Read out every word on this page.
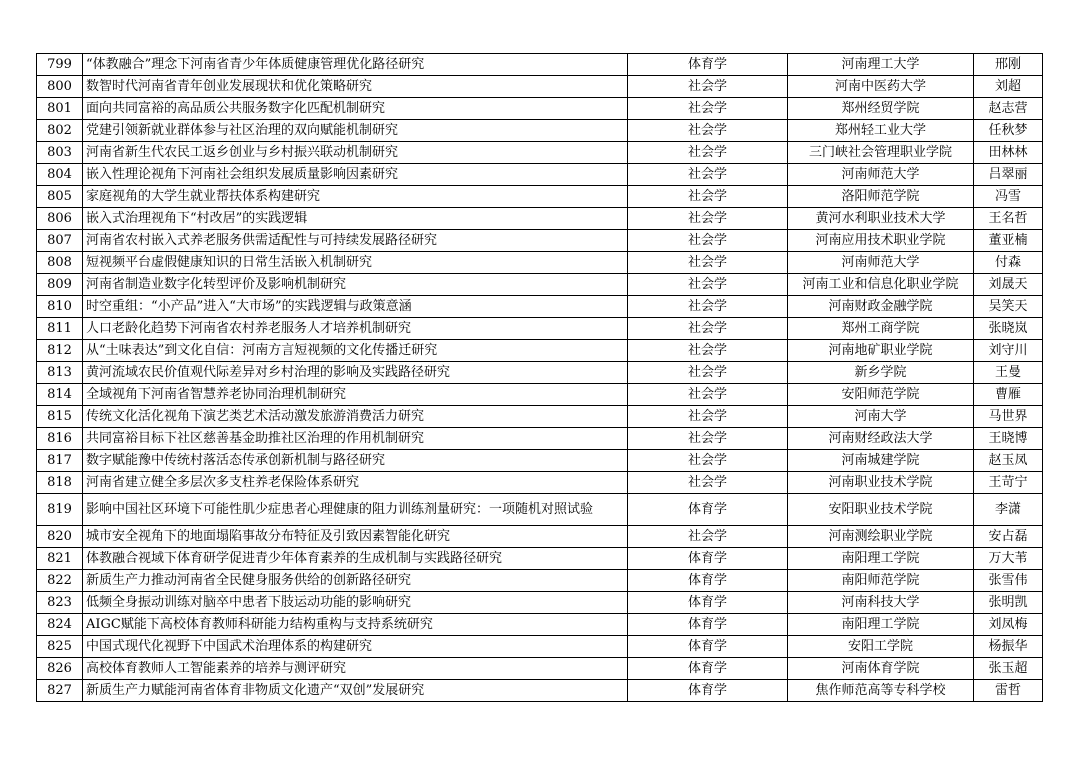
799	“体教融合”理念下河南省青少年体质健康管理优化路径研究	体育学	河南理工大学	邢刚
800	数智时代河南省青年创业发展现状和优化策略研究	社会学	河南中医药大学	刘超
801	面向共同富裕的高品质公共服务数字化匹配机制研究	社会学	郑州经贸学院	赵志营
802	党建引领新就业群体参与社区治理的双向赋能机制研究	社会学	郑州轻工业大学	任秋梦
803	河南省新生代农民工返乡创业与乡村振兴联动机制研究	社会学	三门峡社会管理职业学院	田林林
804	嵌入性理论视角下河南社会组织发展质量影响因素研究	社会学	河南师范大学	吕翠丽
805	家庭视角的大学生就业帮扶体系构建研究	社会学	洛阳师范学院	冯雪
806	嵌入式治理视角下“村改居”的实践逻辑	社会学	黄河水利职业技术大学	王名哲
807	河南省农村嵌入式养老服务供需适配性与可持续发展路径研究	社会学	河南应用技术职业学院	董亚楠
808	短视频平台虚假健康知识的日常生活嵌入机制研究	社会学	河南师范大学	付森
809	河南省制造业数字化转型评价及影响机制研究	社会学	河南工业和信息化职业学院	刘晟天
810	时空重组：“小产品”进入“大市场”的实践逻辑与政策意涵	社会学	河南财政金融学院	吴笑天
811	人口老龄化趋势下河南省农村养老服务人才培养机制研究	社会学	郑州工商学院	张晓岚
812	从“土味表达”到文化自信：河南方言短视频的文化传播迁研究	社会学	河南地矿职业学院	刘守川
813	黄河流域农民价值观代际差异对乡村治理的影响及实践路径研究	社会学	新乡学院	王曼
814	全域视角下河南省智慧养老协同治理机制研究	社会学	安阳师范学院	曹雁
815	传统文化活化视角下演艺类艺术活动激发旅游消费活力研究	社会学	河南大学	马世界
816	共同富裕目标下社区慈善基金助推社区治理的作用机制研究	社会学	河南财经政法大学	王晓博
817	数字赋能豫中传统村落活态传承创新机制与路径研究	社会学	河南城建学院	赵玉凤
818	河南省建立健全多层次多支柱养老保险体系研究	社会学	河南职业技术学院	王苛宁
819	影响中国社区环境下可能性肌少症患者心理健康的阻力训练剂量研究：一项随机对照试验	体育学	安阳职业技术学院	李潇
820	城市安全视角下的地面塌陷事故分布特征及引致因素智能化研究	社会学	河南测绘职业学院	安占磊
821	体教融合视域下体育研学促进青少年体育素养的生成机制与实践路径研究	体育学	南阳理工学院	万大苇
822	新质生产力推动河南省全民健身服务供给的创新路径研究	体育学	南阳师范学院	张雪伟
823	低频全身振动训练对脑卒中患者下肢运动功能的影响研究	体育学	河南科技大学	张明凯
824	AIGC赋能下高校体育教师科研能力结构重构与支持系统研究	体育学	南阳理工学院	刘凤梅
825	中国式现代化视野下中国武术治理体系的构建研究	体育学	安阳工学院	杨振华
826	高校体育教师人工智能素养的培养与测评研究	体育学	河南体育学院	张玉超
827	新质生产力赋能河南省体育非物质文化遗产“双创”发展研究	体育学	焦作师范高等专科学校	雷哲
